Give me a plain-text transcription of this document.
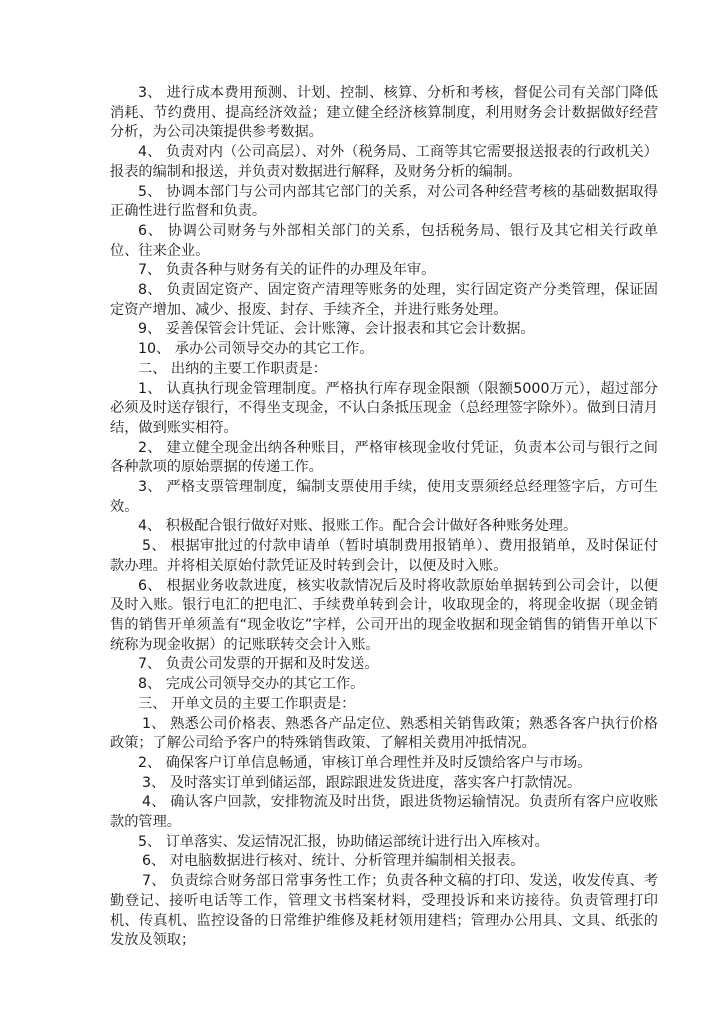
3、 进行成本费用预测、计划、控制、核算、分析和考核，督促公司有关部门降低消耗、节约费用、提高经济效益；建立健全经济核算制度，利用财务会计数据做好经营分析，为公司决策提供参考数据。

4、 负责对内（公司高层）、对外（税务局、工商等其它需要报送报表的行政机关）报表的编制和报送，并负责对数据进行解释，及财务分析的编制。

5、 协调本部门与公司内部其它部门的关系，对公司各种经营考核的基础数据取得正确性进行监督和负责。

6、 协调公司财务与外部相关部门的关系，包括税务局、银行及其它相关行政单位、往来企业。

7、 负责各种与财务有关的证件的办理及年审。

8、 负责固定资产、固定资产清理等账务的处理，实行固定资产分类管理，保证固定资产增加、减少、报废、封存、手续齐全，并进行账务处理。

9、 妥善保管会计凭证、会计账簿、会计报表和其它会计数据。

10、 承办公司领导交办的其它工作。

二、 出纳的主要工作职责是：

1、 认真执行现金管理制度。严格执行库存现金限额（限额5000万元），超过部分必须及时送存银行，不得坐支现金，不认白条抵压现金（总经理签字除外）。做到日清月结，做到账实相符。

2、 建立健全现金出纳各种账目，严格审核现金收付凭证，负责本公司与银行之间各种款项的原始票据的传递工作。

3、 严格支票管理制度，编制支票使用手续，使用支票须经总经理签字后，方可生效。

4、 积极配合银行做好对账、报账工作。配合会计做好各种账务处理。

5、 根据审批过的付款申请单（暂时填制费用报销单）、费用报销单，及时保证付款办理。并将相关原始付款凭证及时转到会计，以便及时入账。

6、 根据业务收款进度，核实收款情况后及时将收款原始单据转到公司会计，以便及时入账。银行电汇的把电汇、手续费单转到会计，收取现金的，将现金收据（现金销售的销售开单须盖有“现金收讫”字样，公司开出的现金收据和现金销售的销售开单以下统称为现金收据）的记账联转交会计入账。

7、 负责公司发票的开据和及时发送。

8、 完成公司领导交办的其它工作。

三、 开单文员的主要工作职责是：

1、 熟悉公司价格表、熟悉各产品定位、熟悉相关销售政策；熟悉各客户执行价格政策；了解公司给予客户的特殊销售政策、了解相关费用冲抵情况。

2、 确保客户订单信息畅通，审核订单合理性并及时反馈给客户与市场。

3、 及时落实订单到储运部，跟踪跟进发货进度，落实客户打款情况。

4、 确认客户回款，安排物流及时出货，跟进货物运输情况。负责所有客户应收账款的管理。

5、 订单落实、发运情况汇报，协助储运部统计进行出入库核对。

6、 对电脑数据进行核对、统计、分析管理并编制相关报表。

7、 负责综合财务部日常事务性工作；负责各种文稿的打印、发送，收发传真、考勤登记、接听电话等工作，管理文书档案材料，受理投诉和来访接待。负责管理打印机、传真机、监控设备的日常维护维修及耗材领用建档；管理办公用具、文具、纸张的发放及领取；
